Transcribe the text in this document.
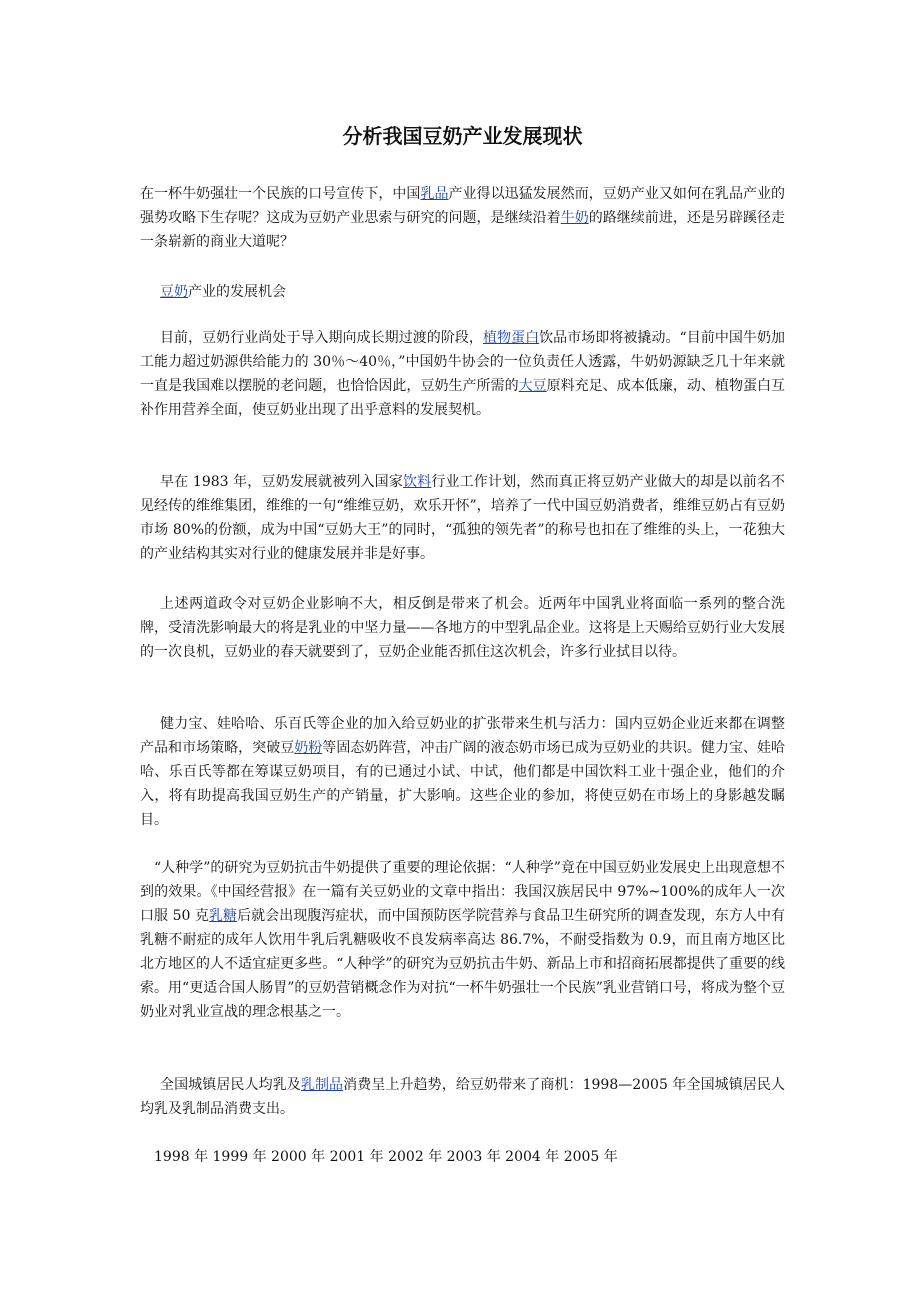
分析我国豆奶产业发展现状

在一杯牛奶强壮一个民族的口号宣传下，中国乳品产业得以迅猛发展然而，豆奶产业又如何在乳品产业的强势攻略下生存呢？这成为豆奶产业思索与研究的问题，是继续沿着牛奶的路继续前进，还是另辟蹊径走一条崭新的商业大道呢？

豆奶产业的发展机会

目前，豆奶行业尚处于导入期向成长期过渡的阶段，植物蛋白饮品市场即将被撬动。“目前中国牛奶加工能力超过奶源供给能力的 30％～40％，”中国奶牛协会的一位负责任人透露，牛奶奶源缺乏几十年来就一直是我国难以摆脱的老问题，也恰恰因此，豆奶生产所需的大豆原料充足、成本低廉，动、植物蛋白互补作用营养全面，使豆奶业出现了出乎意料的发展契机。

早在 1983 年，豆奶发展就被列入国家饮料行业工作计划，然而真正将豆奶产业做大的却是以前名不见经传的维维集团，维维的一句“维维豆奶，欢乐开怀”，培养了一代中国豆奶消费者，维维豆奶占有豆奶市场 80%的份额，成为中国“豆奶大王”的同时，“孤独的领先者”的称号也扣在了维维的头上，一花独大的产业结构其实对行业的健康发展并非是好事。

上述两道政令对豆奶企业影响不大，相反倒是带来了机会。近两年中国乳业将面临一系列的整合洗牌，受清洗影响最大的将是乳业的中坚力量——各地方的中型乳品企业。这将是上天赐给豆奶行业大发展的一次良机，豆奶业的春天就要到了，豆奶企业能否抓住这次机会，许多行业拭目以待。

健力宝、娃哈哈、乐百氏等企业的加入给豆奶业的扩张带来生机与活力：国内豆奶企业近来都在调整产品和市场策略，突破豆奶粉等固态奶阵营，冲击广阔的液态奶市场已成为豆奶业的共识。健力宝、娃哈哈、乐百氏等都在筹谋豆奶项目，有的已通过小试、中试，他们都是中国饮料工业十强企业，他们的介入，将有助提高我国豆奶生产的产销量，扩大影响。这些企业的参加，将使豆奶在市场上的身影越发瞩目。

“人种学”的研究为豆奶抗击牛奶提供了重要的理论依据：“人种学”竟在中国豆奶业发展史上出现意想不到的效果。《中国经营报》在一篇有关豆奶业的文章中指出：我国汉族居民中 97%~100%的成年人一次口服 50 克乳糖后就会出现腹泻症状，而中国预防医学院营养与食品卫生研究所的调查发现，东方人中有乳糖不耐症的成年人饮用牛乳后乳糖吸收不良发病率高达 86.7%，不耐受指数为 0.9，而且南方地区比北方地区的人不适宜症更多些。“人种学”的研究为豆奶抗击牛奶、新品上市和招商拓展都提供了重要的线索。用“更适合国人肠胃”的豆奶营销概念作为对抗“一杯牛奶强壮一个民族”乳业营销口号，将成为整个豆奶业对乳业宣战的理念根基之一。

全国城镇居民人均乳及乳制品消费呈上升趋势，给豆奶带来了商机：1998—2005 年全国城镇居民人均乳及乳制品消费支出。

1998 年 1999 年 2000 年 2001 年 2002 年 2003 年 2004 年 2005 年
